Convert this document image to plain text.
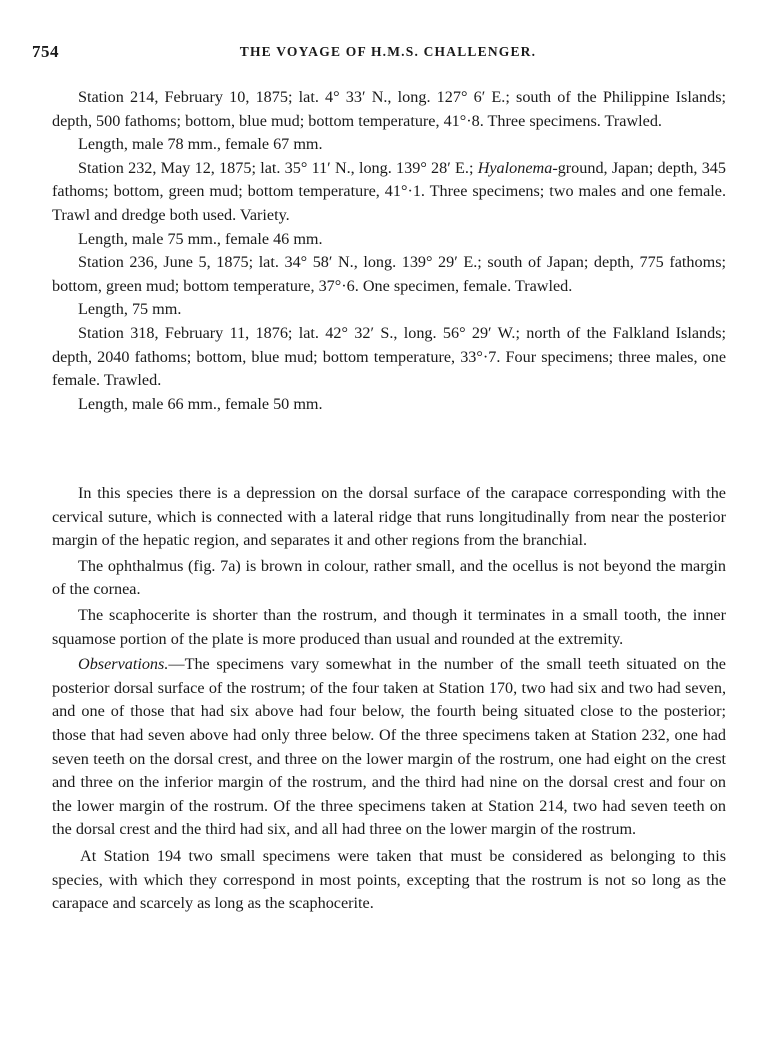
754	THE VOYAGE OF H.M.S. CHALLENGER.

Station 214, February 10, 1875; lat. 4° 33′ N., long. 127° 6′ E.; south of the Philippine Islands; depth, 500 fathoms; bottom, blue mud; bottom temperature, 41°·8. Three specimens. Trawled.

Length, male 78 mm., female 67 mm.

Station 232, May 12, 1875; lat. 35° 11′ N., long. 139° 28′ E.; Hyalonema-ground, Japan; depth, 345 fathoms; bottom, green mud; bottom temperature, 41°·1. Three specimens; two males and one female. Trawl and dredge both used. Variety.

Length, male 75 mm., female 46 mm.

Station 236, June 5, 1875; lat. 34° 58′ N., long. 139° 29′ E.; south of Japan; depth, 775 fathoms; bottom, green mud; bottom temperature, 37°·6. One specimen, female. Trawled.

Length, 75 mm.

Station 318, February 11, 1876; lat. 42° 32′ S., long. 56° 29′ W.; north of the Falkland Islands; depth, 2040 fathoms; bottom, blue mud; bottom temperature, 33°·7. Four specimens; three males, one female. Trawled.

Length, male 66 mm., female 50 mm.

In this species there is a depression on the dorsal surface of the carapace corresponding with the cervical suture, which is connected with a lateral ridge that runs longitudinally from near the posterior margin of the hepatic region, and separates it and other regions from the branchial.

The ophthalmus (fig. 7a) is brown in colour, rather small, and the ocellus is not beyond the margin of the cornea.

The scaphocerite is shorter than the rostrum, and though it terminates in a small tooth, the inner squamose portion of the plate is more produced than usual and rounded at the extremity.

Observations.—The specimens vary somewhat in the number of the small teeth situated on the posterior dorsal surface of the rostrum; of the four taken at Station 170, two had six and two had seven, and one of those that had six above had four below, the fourth being situated close to the posterior; those that had seven above had only three below. Of the three specimens taken at Station 232, one had seven teeth on the dorsal crest, and three on the lower margin of the rostrum, one had eight on the crest and three on the inferior margin of the rostrum, and the third had nine on the dorsal crest and four on the lower margin of the rostrum. Of the three specimens taken at Station 214, two had seven teeth on the dorsal crest and the third had six, and all had three on the lower margin of the rostrum.

At Station 194 two small specimens were taken that must be considered as belonging to this species, with which they correspond in most points, excepting that the rostrum is not so long as the carapace and scarcely as long as the scaphocerite.
